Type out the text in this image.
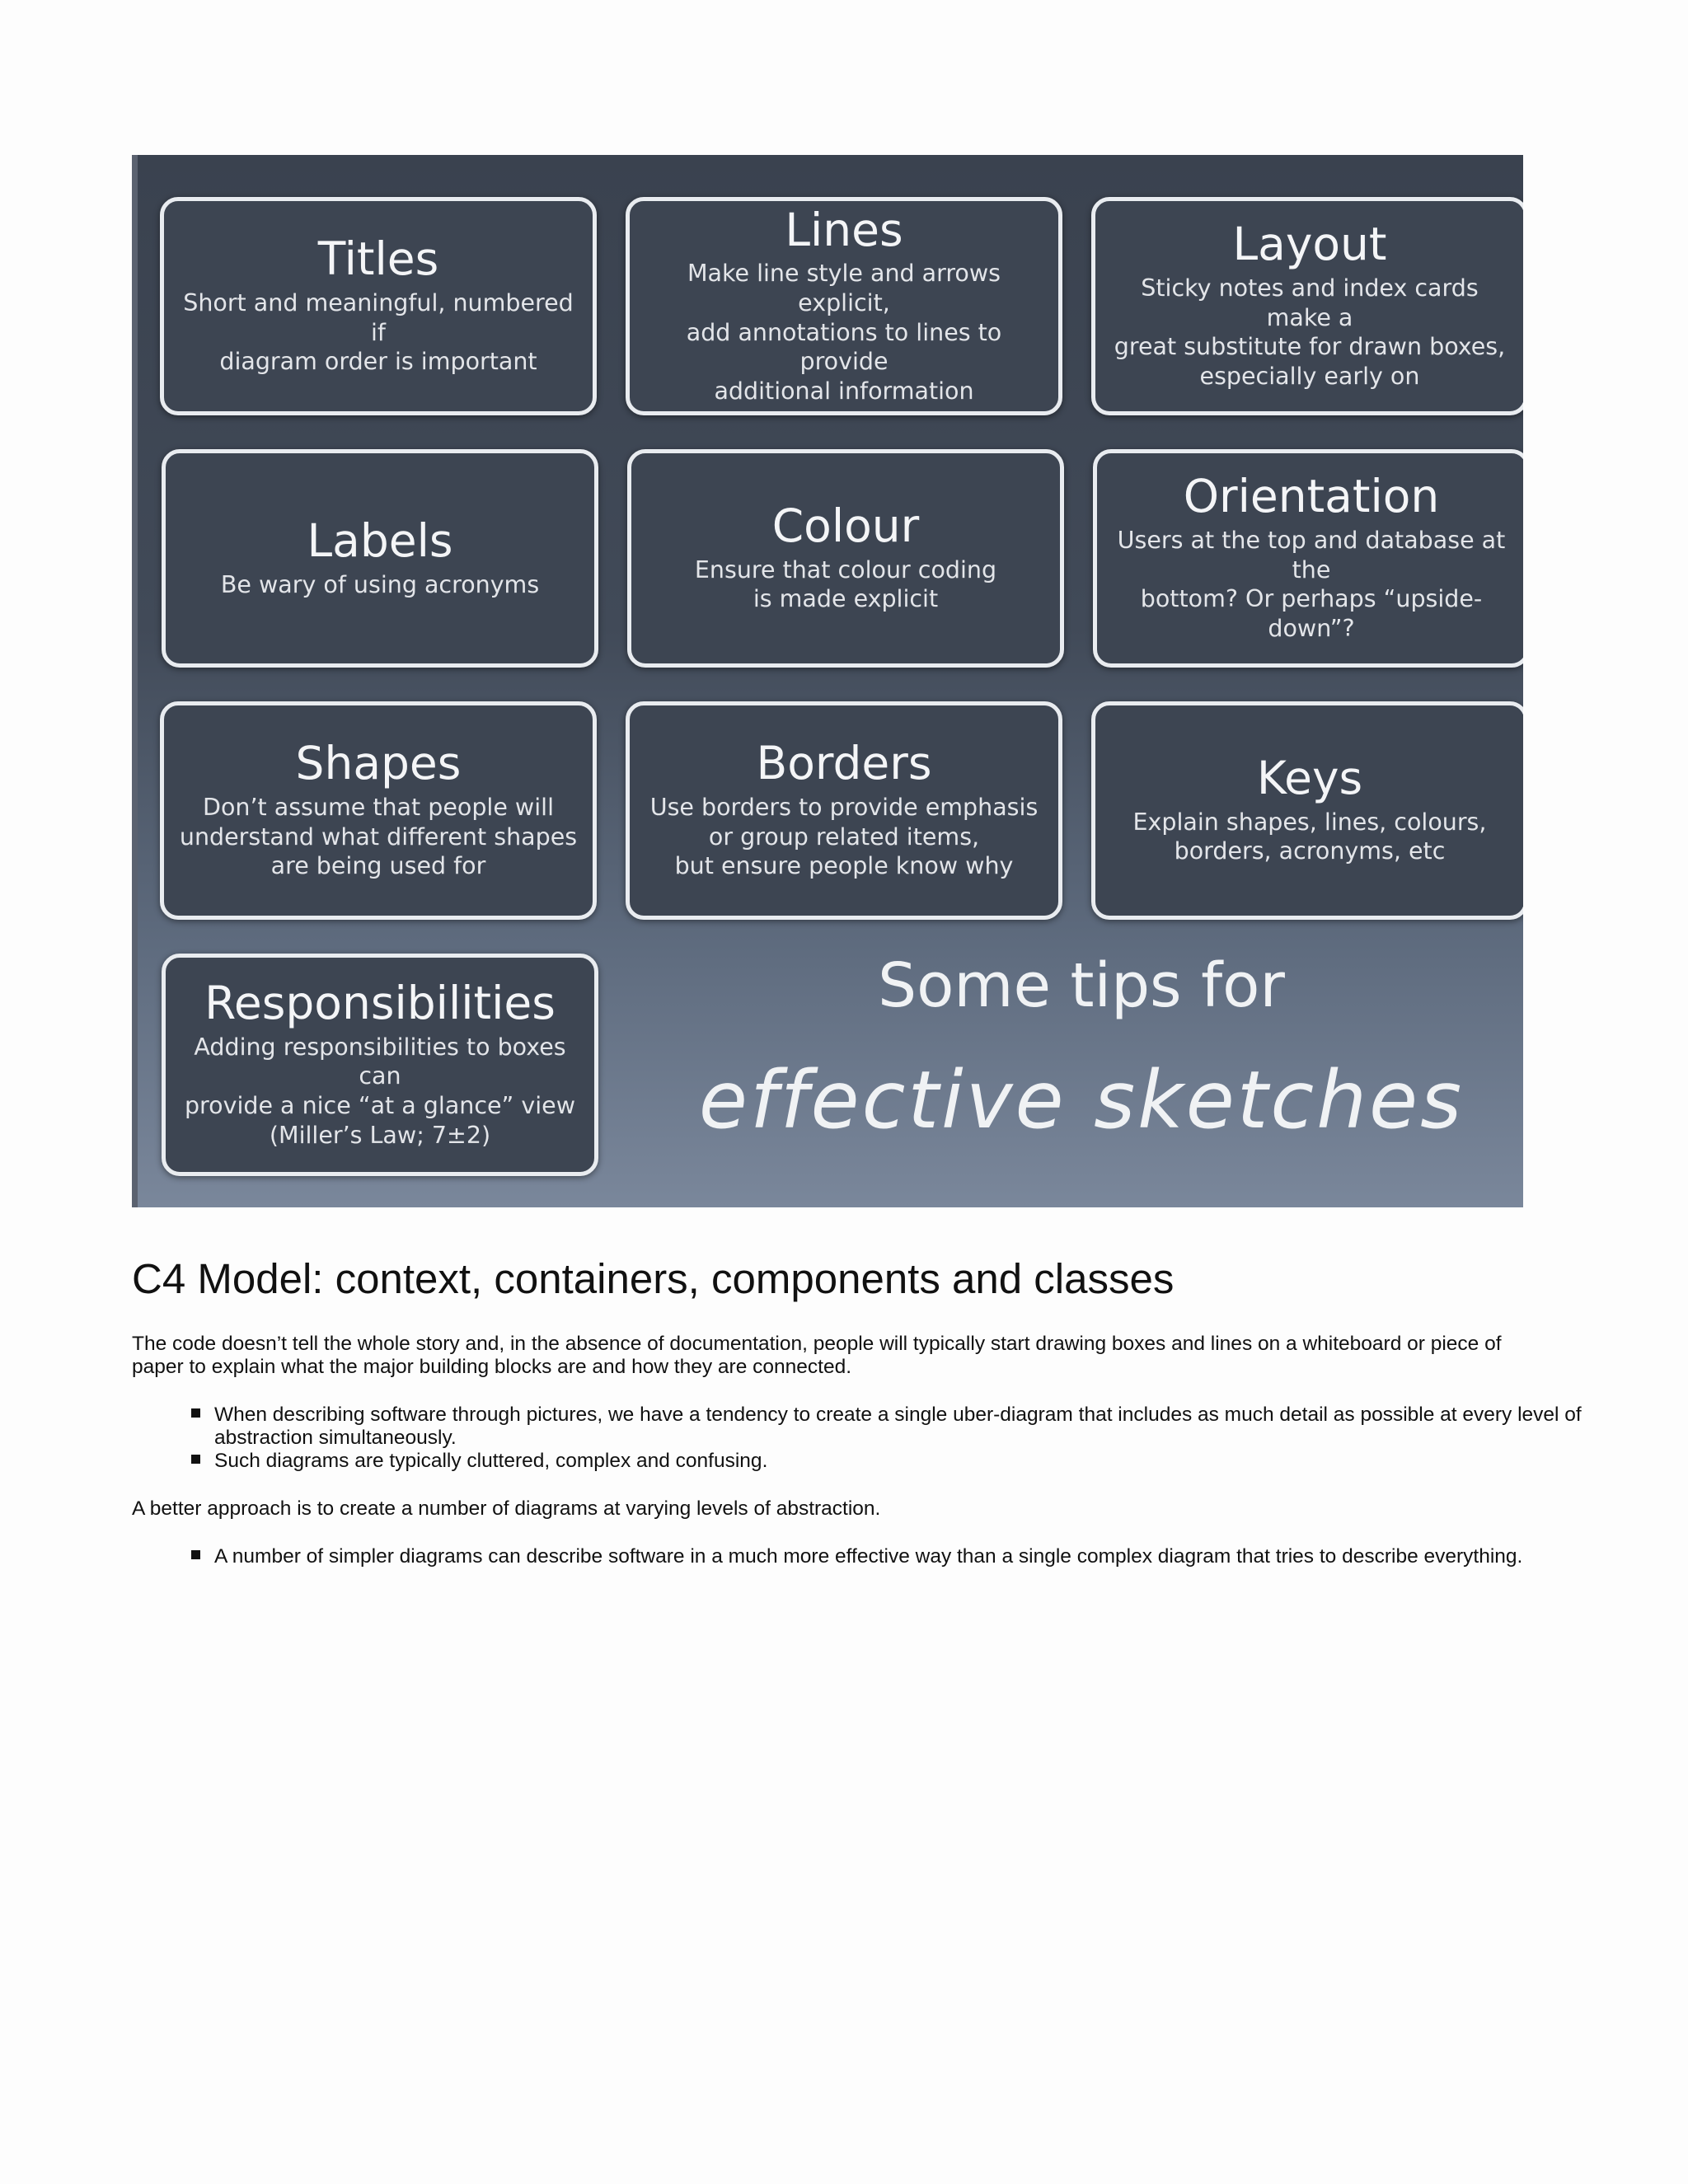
Titles
Short and meaningful, numbered if
diagram order is important
Lines
Make line style and arrows explicit,
add annotations to lines to provide
additional information
Layout
Sticky notes and index cards make a
great substitute for drawn boxes,
especially early on
Labels
Be wary of using acronyms
Colour
Ensure that colour coding
is made explicit
Orientation
Users at the top and database at the
bottom? Or perhaps “upside-down”?
Shapes
Don’t assume that people will
understand what different shapes
are being used for
Borders
Use borders to provide emphasis
or group related items,
but ensure people know why
Keys
Explain shapes, lines, colours,
borders, acronyms, etc
Responsibilities
Adding responsibilities to boxes can
provide a nice “at a glance” view
(Miller’s Law; 7±2)
Some tips for
effective sketches
C4 Model: context, containers, components and classes

The code doesn’t tell the whole story and, in the absence of documentation, people will typically start drawing boxes and lines on a whiteboard or piece of paper to explain what the major building blocks are and how they are connected.

When describing software through pictures, we have a tendency to create a single uber-diagram that includes as much detail as possible at every level of abstraction simultaneously.
Such diagrams are typically cluttered, complex and confusing.

A better approach is to create a number of diagrams at varying levels of abstraction.

A number of simpler diagrams can describe software in a much more effective way than a single complex diagram that tries to describe everything.
